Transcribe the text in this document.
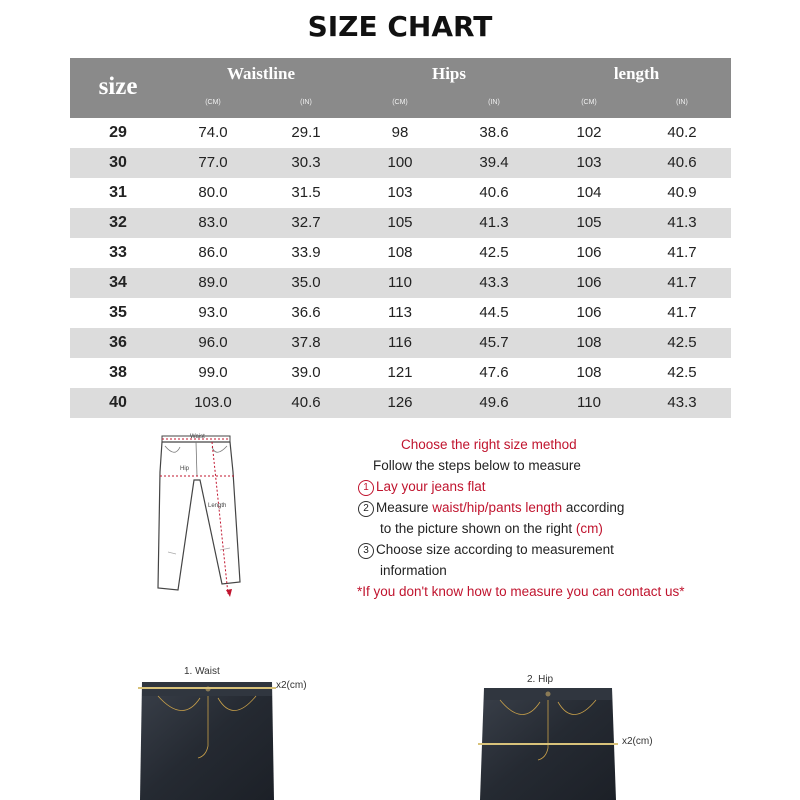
SIZE CHART
size	Waistline	Hips	length
(CM)	(IN)	(CM)	(IN)	(CM)	(IN)
29	74.0	29.1	98	38.6	102	40.2
30	77.0	30.3	100	39.4	103	40.6
31	80.0	31.5	103	40.6	104	40.9
32	83.0	32.7	105	41.3	105	41.3
33	86.0	33.9	108	42.5	106	41.7
34	89.0	35.0	110	43.3	106	41.7
35	93.0	36.6	113	44.5	106	41.7
36	96.0	37.8	116	45.7	108	42.5
38	99.0	39.0	121	47.6	108	42.5
40	103.0	40.6	126	49.6	110	43.3
Waist
Hip
Length
Choose the right size method
Follow the steps below to measure
1 Lay your jeans flat
2 Measure waist/hip/pants length according
to the picture shown on the right (cm)
3 Choose size according to measurement
information
*If you don't know how to measure you can contact us*
1. Waist
x2(cm)
2. Hip
x2(cm)
